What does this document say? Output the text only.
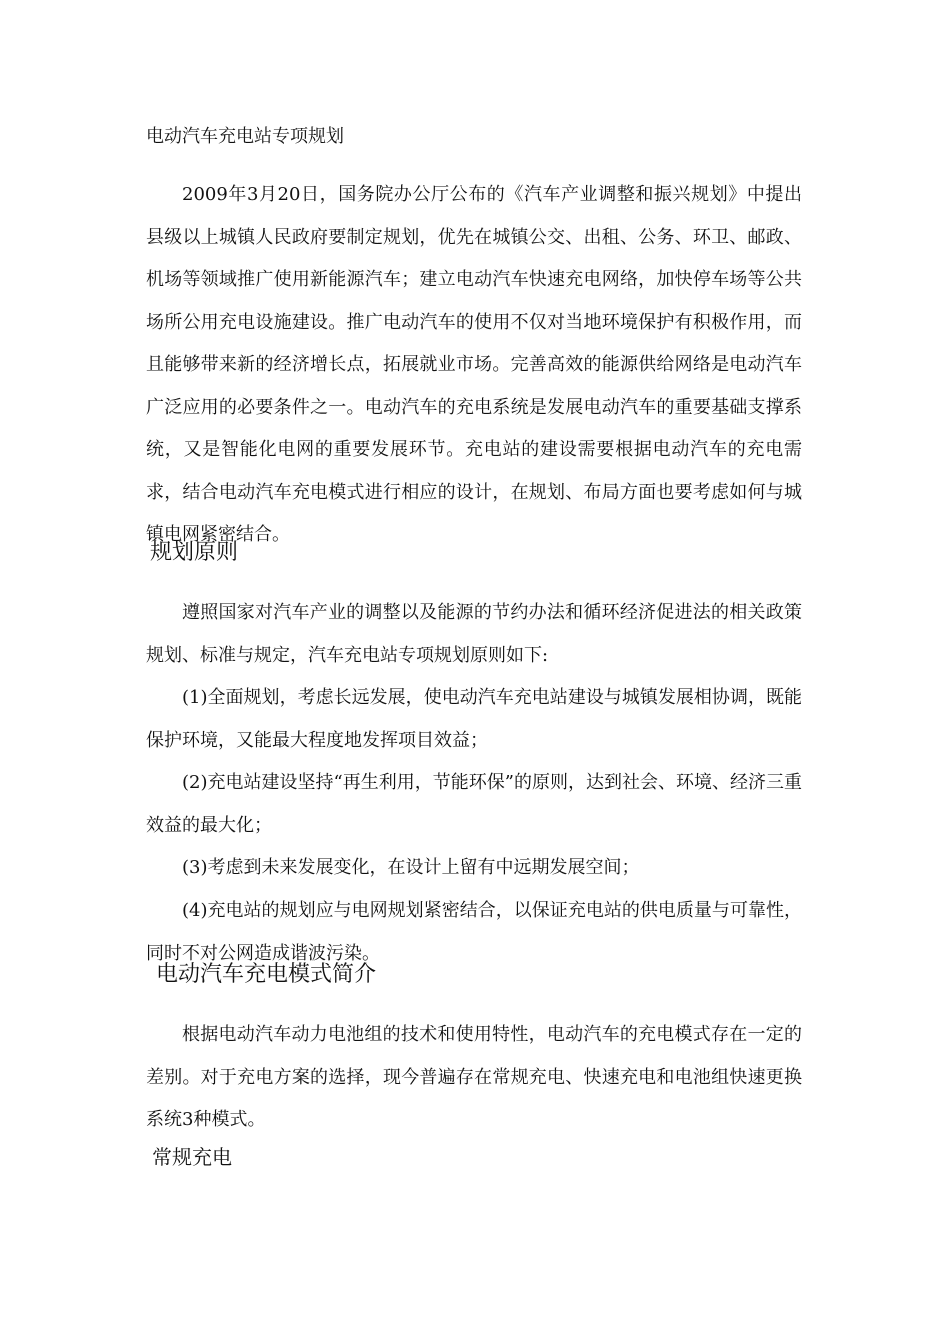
电动汽车充电站专项规划

2009年3月20日，国务院办公厅公布的《汽车产业调整和振兴规划》中提出县级以上城镇人民政府要制定规划，优先在城镇公交、出租、公务、环卫、邮政、机场等领域推广使用新能源汽车；建立电动汽车快速充电网络，加快停车场等公共场所公用充电设施建设。推广电动汽车的使用不仅对当地环境保护有积极作用，而且能够带来新的经济增长点，拓展就业市场。完善高效的能源供给网络是电动汽车广泛应用的必要条件之一。电动汽车的充电系统是发展电动汽车的重要基础支撑系统，又是智能化电网的重要发展环节。充电站的建设需要根据电动汽车的充电需求，结合电动汽车充电模式进行相应的设计，在规划、布局方面也要考虑如何与城镇电网紧密结合。

规划原则

遵照国家对汽车产业的调整以及能源的节约办法和循环经济促进法的相关政策规划、标准与规定，汽车充电站专项规划原则如下:

(1)全面规划，考虑长远发展，使电动汽车充电站建设与城镇发展相协调，既能保护环境，又能最大程度地发挥项目效益；

(2)充电站建设坚持“再生利用，节能环保”的原则，达到社会、环境、经济三重效益的最大化；

(3)考虑到未来发展变化，在设计上留有中远期发展空间；

(4)充电站的规划应与电网规划紧密结合，以保证充电站的供电质量与可靠性，同时不对公网造成谐波污染。

电动汽车充电模式简介

根据电动汽车动力电池组的技术和使用特性，电动汽车的充电模式存在一定的差别。对于充电方案的选择，现今普遍存在常规充电、快速充电和电池组快速更换系统3种模式。

常规充电
